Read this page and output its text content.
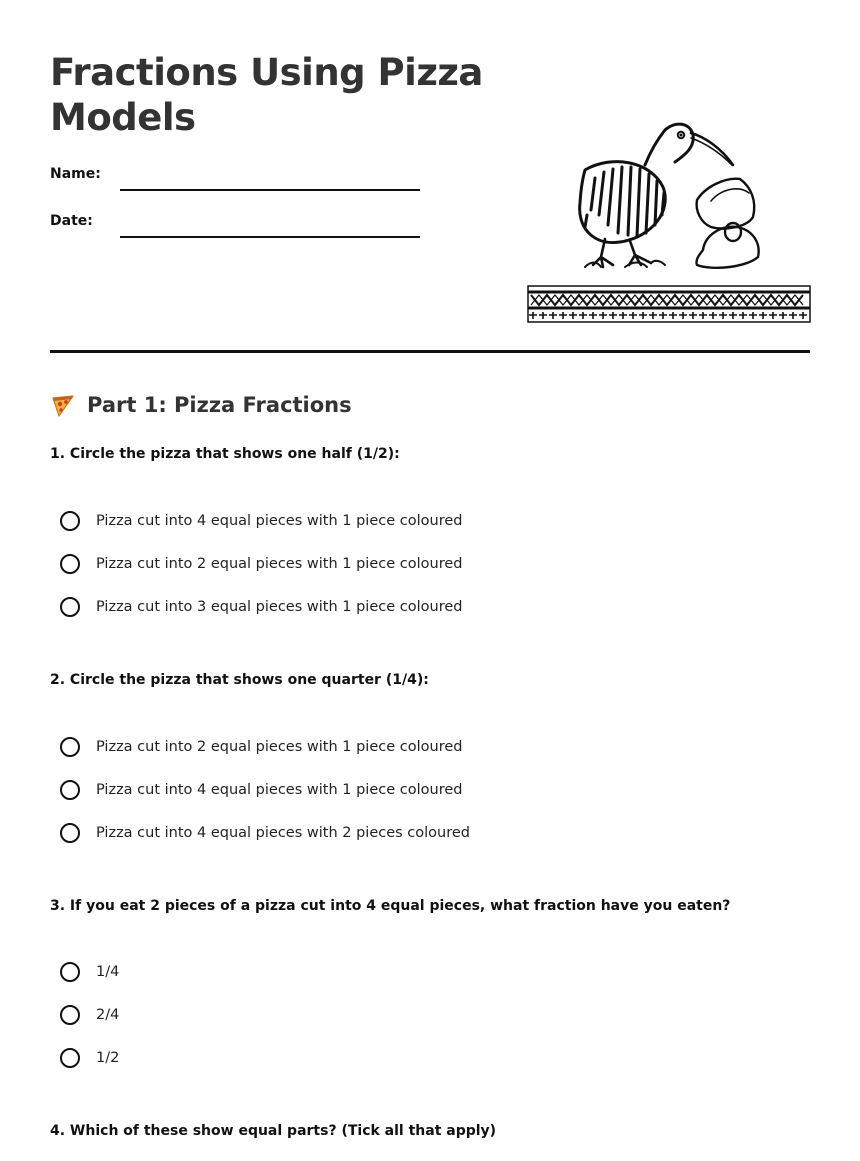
Fractions Using Pizza Models
Name:
Date:
Part 1: Pizza Fractions
1. Circle the pizza that shows one half (1/2):
Pizza cut into 4 equal pieces with 1 piece coloured
Pizza cut into 2 equal pieces with 1 piece coloured
Pizza cut into 3 equal pieces with 1 piece coloured
2. Circle the pizza that shows one quarter (1/4):
Pizza cut into 2 equal pieces with 1 piece coloured
Pizza cut into 4 equal pieces with 1 piece coloured
Pizza cut into 4 equal pieces with 2 pieces coloured
3. If you eat 2 pieces of a pizza cut into 4 equal pieces, what fraction have you eaten?
1/4
2/4
1/2
4. Which of these show equal parts? (Tick all that apply)
